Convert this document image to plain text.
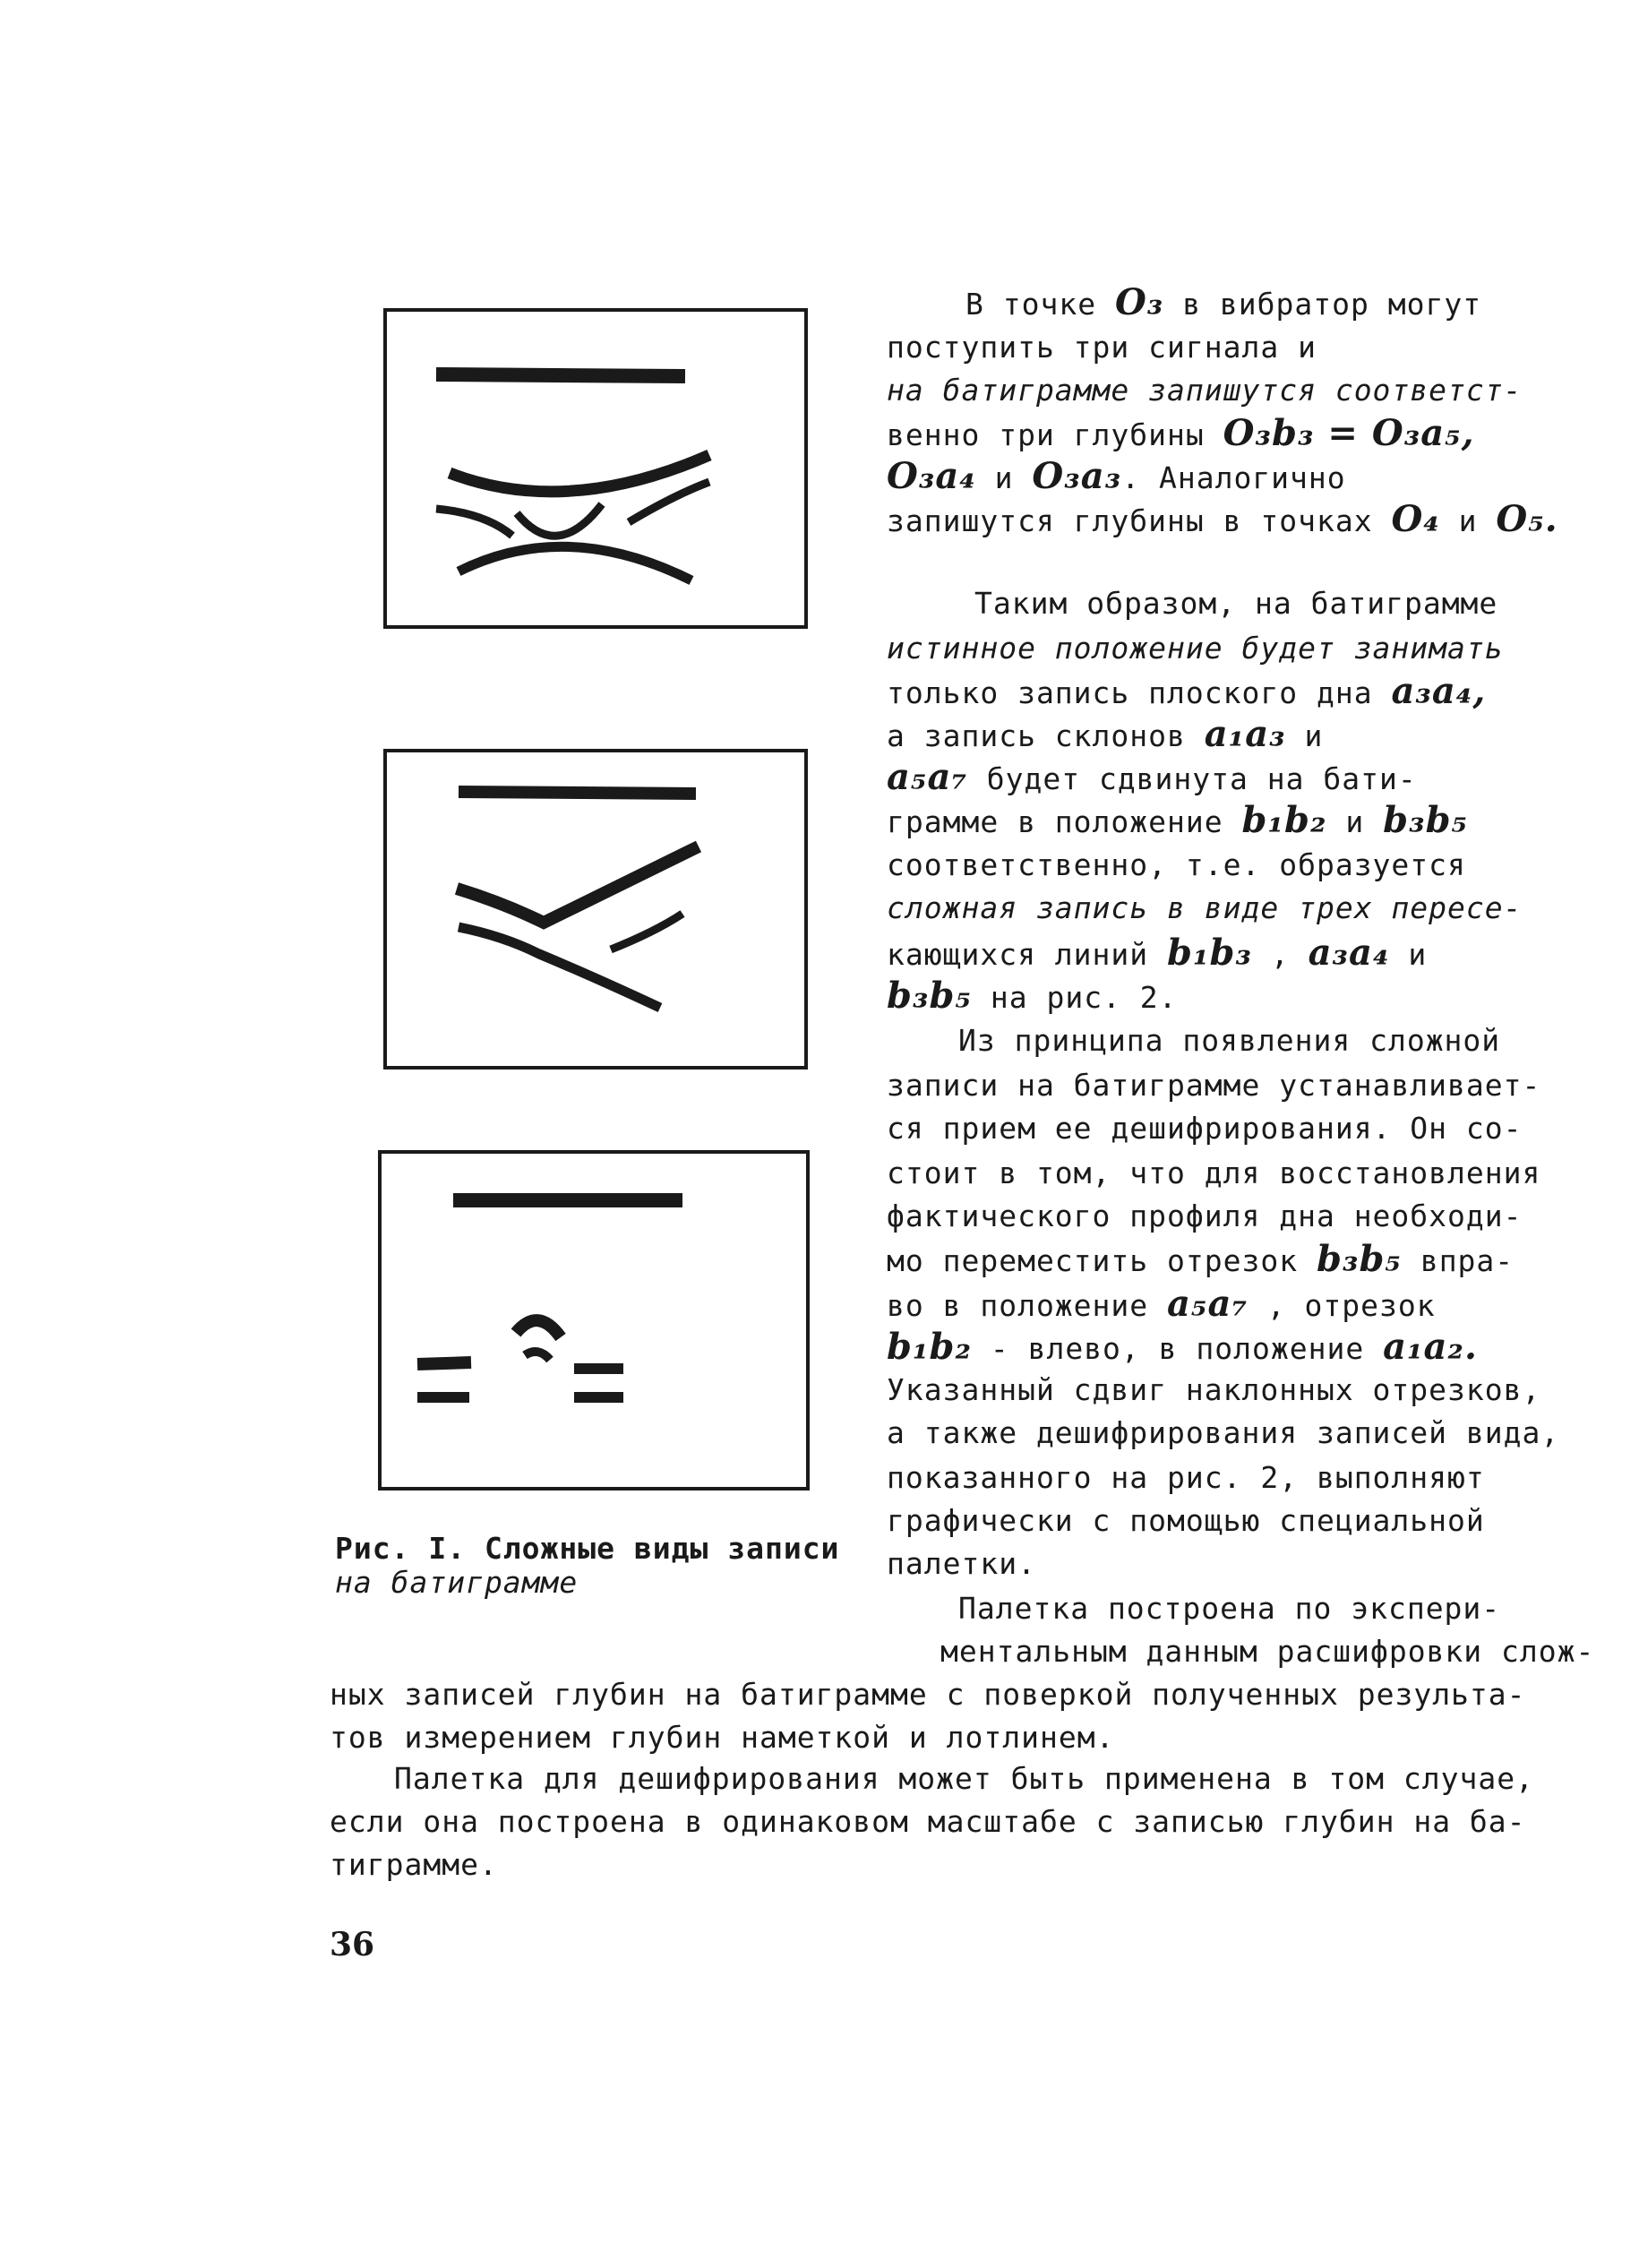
Рис. I. Сложные виды записи
на батиграмме
В точке O₃ в вибратор могут
поступить три сигнала и
на батиграмме запишутся соответст-
венно три глубины O₃b₃ = O₃a₅,
O₃a₄ и O₃a₃. Аналогично
запишутся глубины в точках O₄ и O₅.
Таким образом, на батиграмме
истинное положение будет занимать
только запись плоского дна a₃a₄,
а запись склонов a₁a₃ и
a₅a₇ будет сдвинута на бати-
грамме в положение b₁b₂ и b₃b₅
соответственно, т.е. образуется
сложная запись в виде трех пересе-
кающихся линий b₁b₃ , a₃a₄ и
b₃b₅ на рис. 2.
Из принципа появления сложной
записи на батиграмме устанавливает-
ся прием ее дешифрирования. Он со-
стоит в том, что для восстановления
фактического профиля дна необходи-
мо переместить отрезок b₃b₅ впра-
во в положение a₅a₇ , отрезок
b₁b₂ - влево, в положение a₁a₂.
Указанный сдвиг наклонных отрезков,
а также дешифрирования записей вида,
показанного на рис. 2, выполняют
графически с помощью специальной
палетки.
Палетка построена по экспери-
ментальным данным расшифровки слож-
ных записей глубин на батиграмме с поверкой полученных результа-
тов измерением глубин наметкой и лотлинем.
Палетка для дешифрирования может быть применена в том случае,
если она построена в одинаковом масштабе с записью глубин на ба-
тиграмме.
36
